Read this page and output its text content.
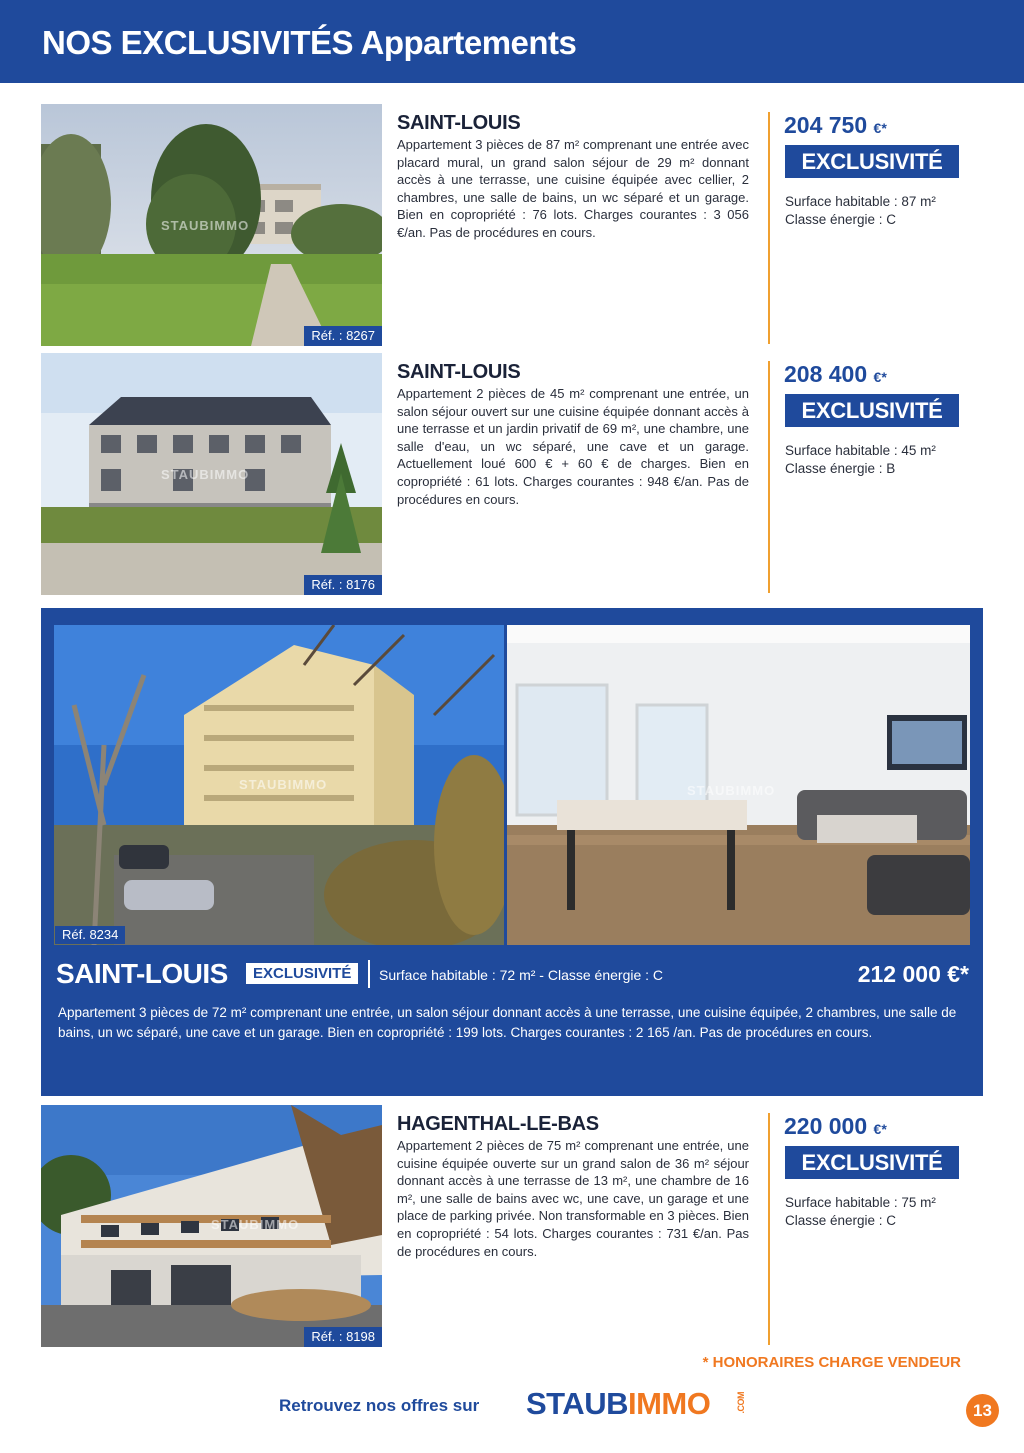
NOS EXCLUSIVITÉS Appartements
STAUBIMMO
Réf. : 8267
SAINT-LOUIS
Appartement 3 pièces de 87 m² comprenant une entrée avec placard mural, un grand salon séjour de 29 m² donnant accès à une terrasse, une cuisine équipée avec cellier, 2 chambres, une salle de bains, un wc séparé et un garage. Bien en copropriété : 76 lots. Charges courantes : 3 056 €/an. Pas de procédures en cours.
204 750 €*
EXCLUSIVITÉ
Surface habitable : 87 m²
Classe énergie : C
STAUBIMMO
Réf. : 8176
SAINT-LOUIS
Appartement 2 pièces de 45 m² comprenant une entrée, un salon séjour ouvert sur une cuisine équipée donnant accès à une terrasse et un jardin privatif de 69 m², une chambre, une salle d'eau, un wc séparé, une cave et un garage. Actuellement loué 600 € + 60 € de charges. Bien en copropriété : 61 lots. Charges courantes : 948 €/an. Pas de procédures en cours.
208 400 €*
EXCLUSIVITÉ
Surface habitable : 45 m²
Classe énergie : B
STAUBIMMO	STAUBIMMO
Réf. 8234
SAINT-LOUIS	EXCLUSIVITÉ	Surface habitable : 72 m² - Classe énergie : C	212 000 €*
Appartement 3 pièces de 72 m² comprenant une entrée, un salon séjour donnant accès à une terrasse, une cuisine équipée, 2 chambres, une salle de bains, un wc séparé, une cave et un garage. Bien en copropriété : 199 lots. Charges courantes : 2 165 /an. Pas de procédures en cours.
STAUBIMMO
Réf. : 8198
HAGENTHAL-LE-BAS
Appartement 2 pièces de 75 m² comprenant une entrée, une cuisine équipée ouverte sur un grand salon de 36 m² séjour donnant accès à une terrasse de 13 m², une chambre de 16 m², une salle de bains avec wc, une cave, un garage et une place de parking privée. Non transformable en 3 pièces. Bien en copropriété : 54 lots. Charges courantes : 731 €/an. Pas de procédures en cours.
220 000 €*
EXCLUSIVITÉ
Surface habitable : 75 m²
Classe énergie : C
* HONORAIRES CHARGE VENDEUR
Retrouvez nos offres sur STAUBIMMO	.COM	13
